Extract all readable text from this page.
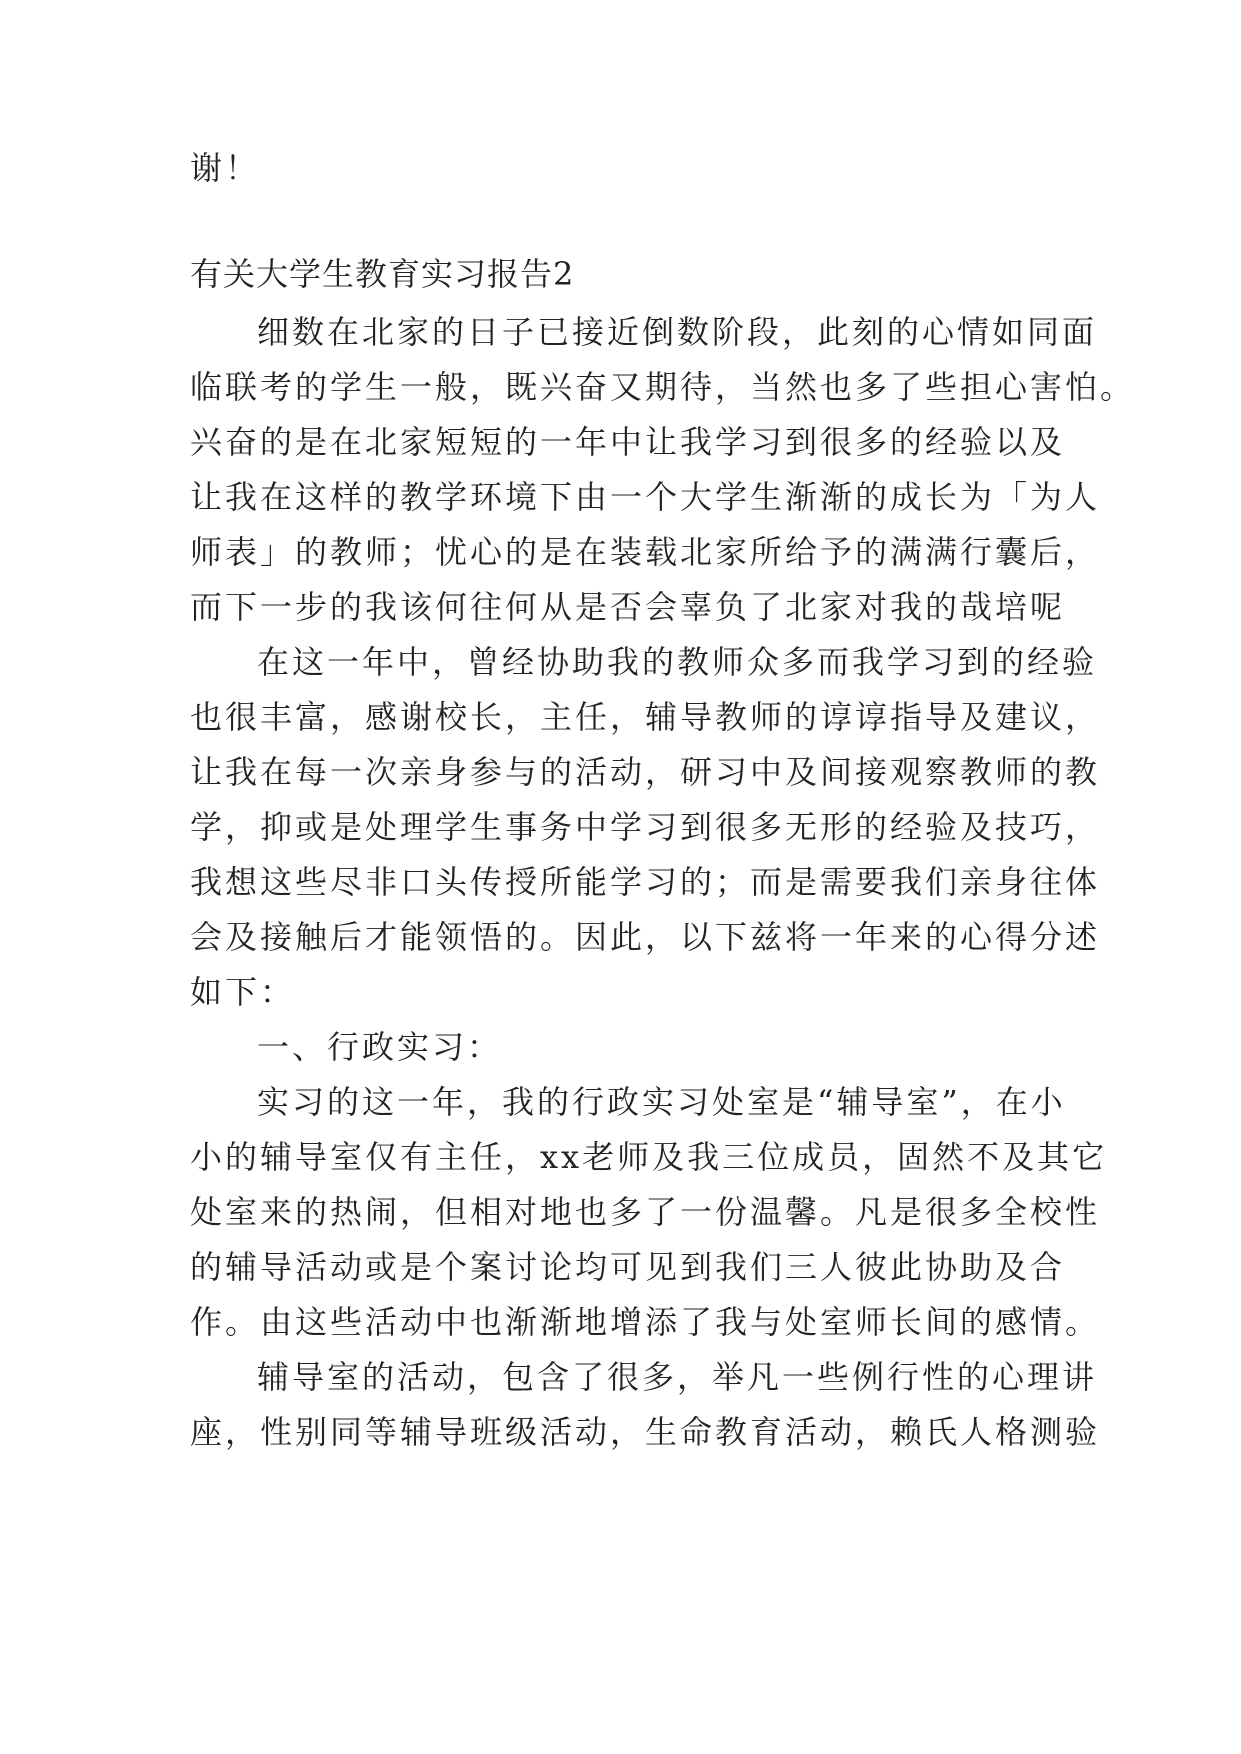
谢！
有关大学生教育实习报告2
细数在北家的日子已接近倒数阶段，此刻的心情如同面
临联考的学生一般，既兴奋又期待，当然也多了些担心害怕。
兴奋的是在北家短短的一年中让我学习到很多的经验以及
让我在这样的教学环境下由一个大学生渐渐的成长为「为人
师表」的教师；忧心的是在装载北家所给予的满满行囊后，
而下一步的我该何往何从是否会辜负了北家对我的哉培呢
在这一年中，曾经协助我的教师众多而我学习到的经验
也很丰富，感谢校长，主任，辅导教师的谆谆指导及建议，
让我在每一次亲身参与的活动，研习中及间接观察教师的教
学，抑或是处理学生事务中学习到很多无形的经验及技巧，
我想这些尽非口头传授所能学习的；而是需要我们亲身往体
会及接触后才能领悟的。因此，以下兹将一年来的心得分述
如下：
一、行政实习：
实习的这一年，我的行政实习处室是“辅导室”，在小
小的辅导室仅有主任，xx老师及我三位成员，固然不及其它
处室来的热闹，但相对地也多了一份温馨。凡是很多全校性
的辅导活动或是个案讨论均可见到我们三人彼此协助及合
作。由这些活动中也渐渐地增添了我与处室师长间的感情。
辅导室的活动，包含了很多，举凡一些例行性的心理讲
座，性别同等辅导班级活动，生命教育活动，赖氏人格测验
